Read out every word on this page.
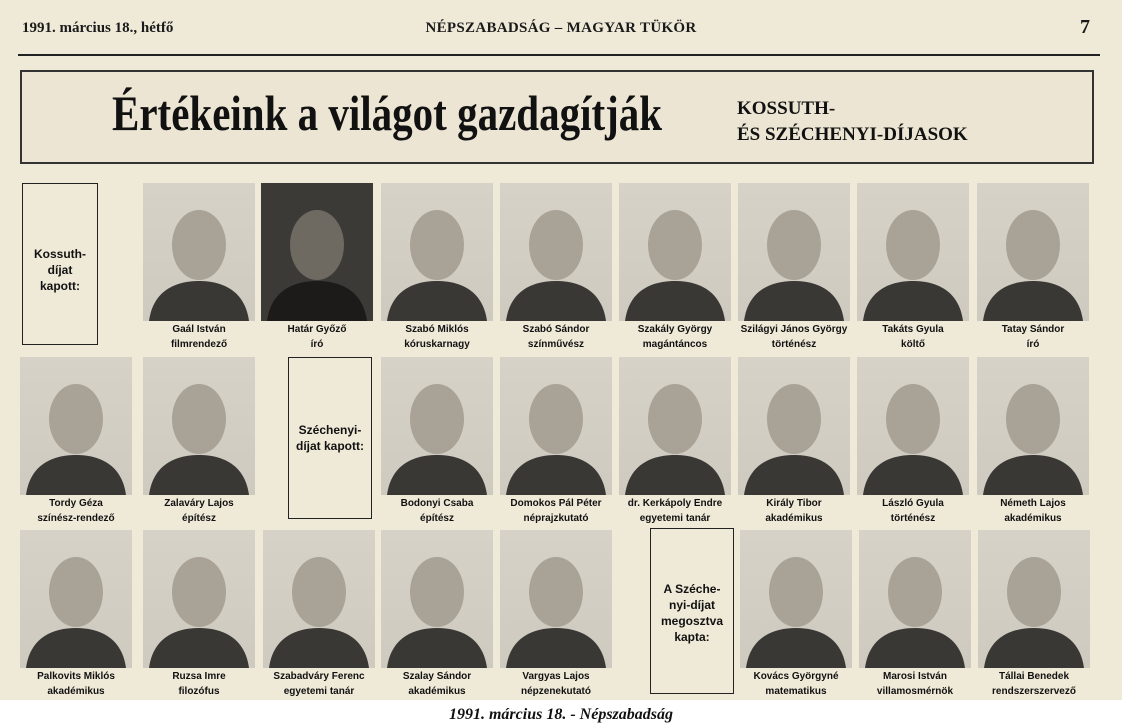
1991. március 18., hétfő	NÉPSZABADSÁG – MAGYAR TÜKÖR	7
Értékeink a világot gazdagítják	KOSSUTH-
ÉS SZÉCHENYI-DÍJASOK
Kossuth-
díjat
kapott:
Széchenyi-
díjat kapott:
A Széche-
nyi-díjat
megosztva
kapta:
Gaál István
filmrendező
Határ Győző
író
Szabó Miklós
kóruskarnagy
Szabó Sándor
színművész
Szakály György
magántáncos
Szilágyi János György
történész
Takáts Gyula
költő
Tatay Sándor
író
Tordy Géza
színész-rendező
Zalaváry Lajos
építész
Bodonyi Csaba
építész
Domokos Pál Péter
néprajzkutató
dr. Kerkápoly Endre
egyetemi tanár
Király Tibor
akadémikus
László Gyula
történész
Németh Lajos
akadémikus
Palkovits Miklós
akadémikus
Ruzsa Imre
filozófus
Szabadváry Ferenc
egyetemi tanár
Szalay Sándor
akadémikus
Vargyas Lajos
népzenekutató
Kovács Györgyné
matematikus
Marosi István
villamosmérnök
Tállai Benedek
rendszerszervező
1991. március 18. - Népszabadság
